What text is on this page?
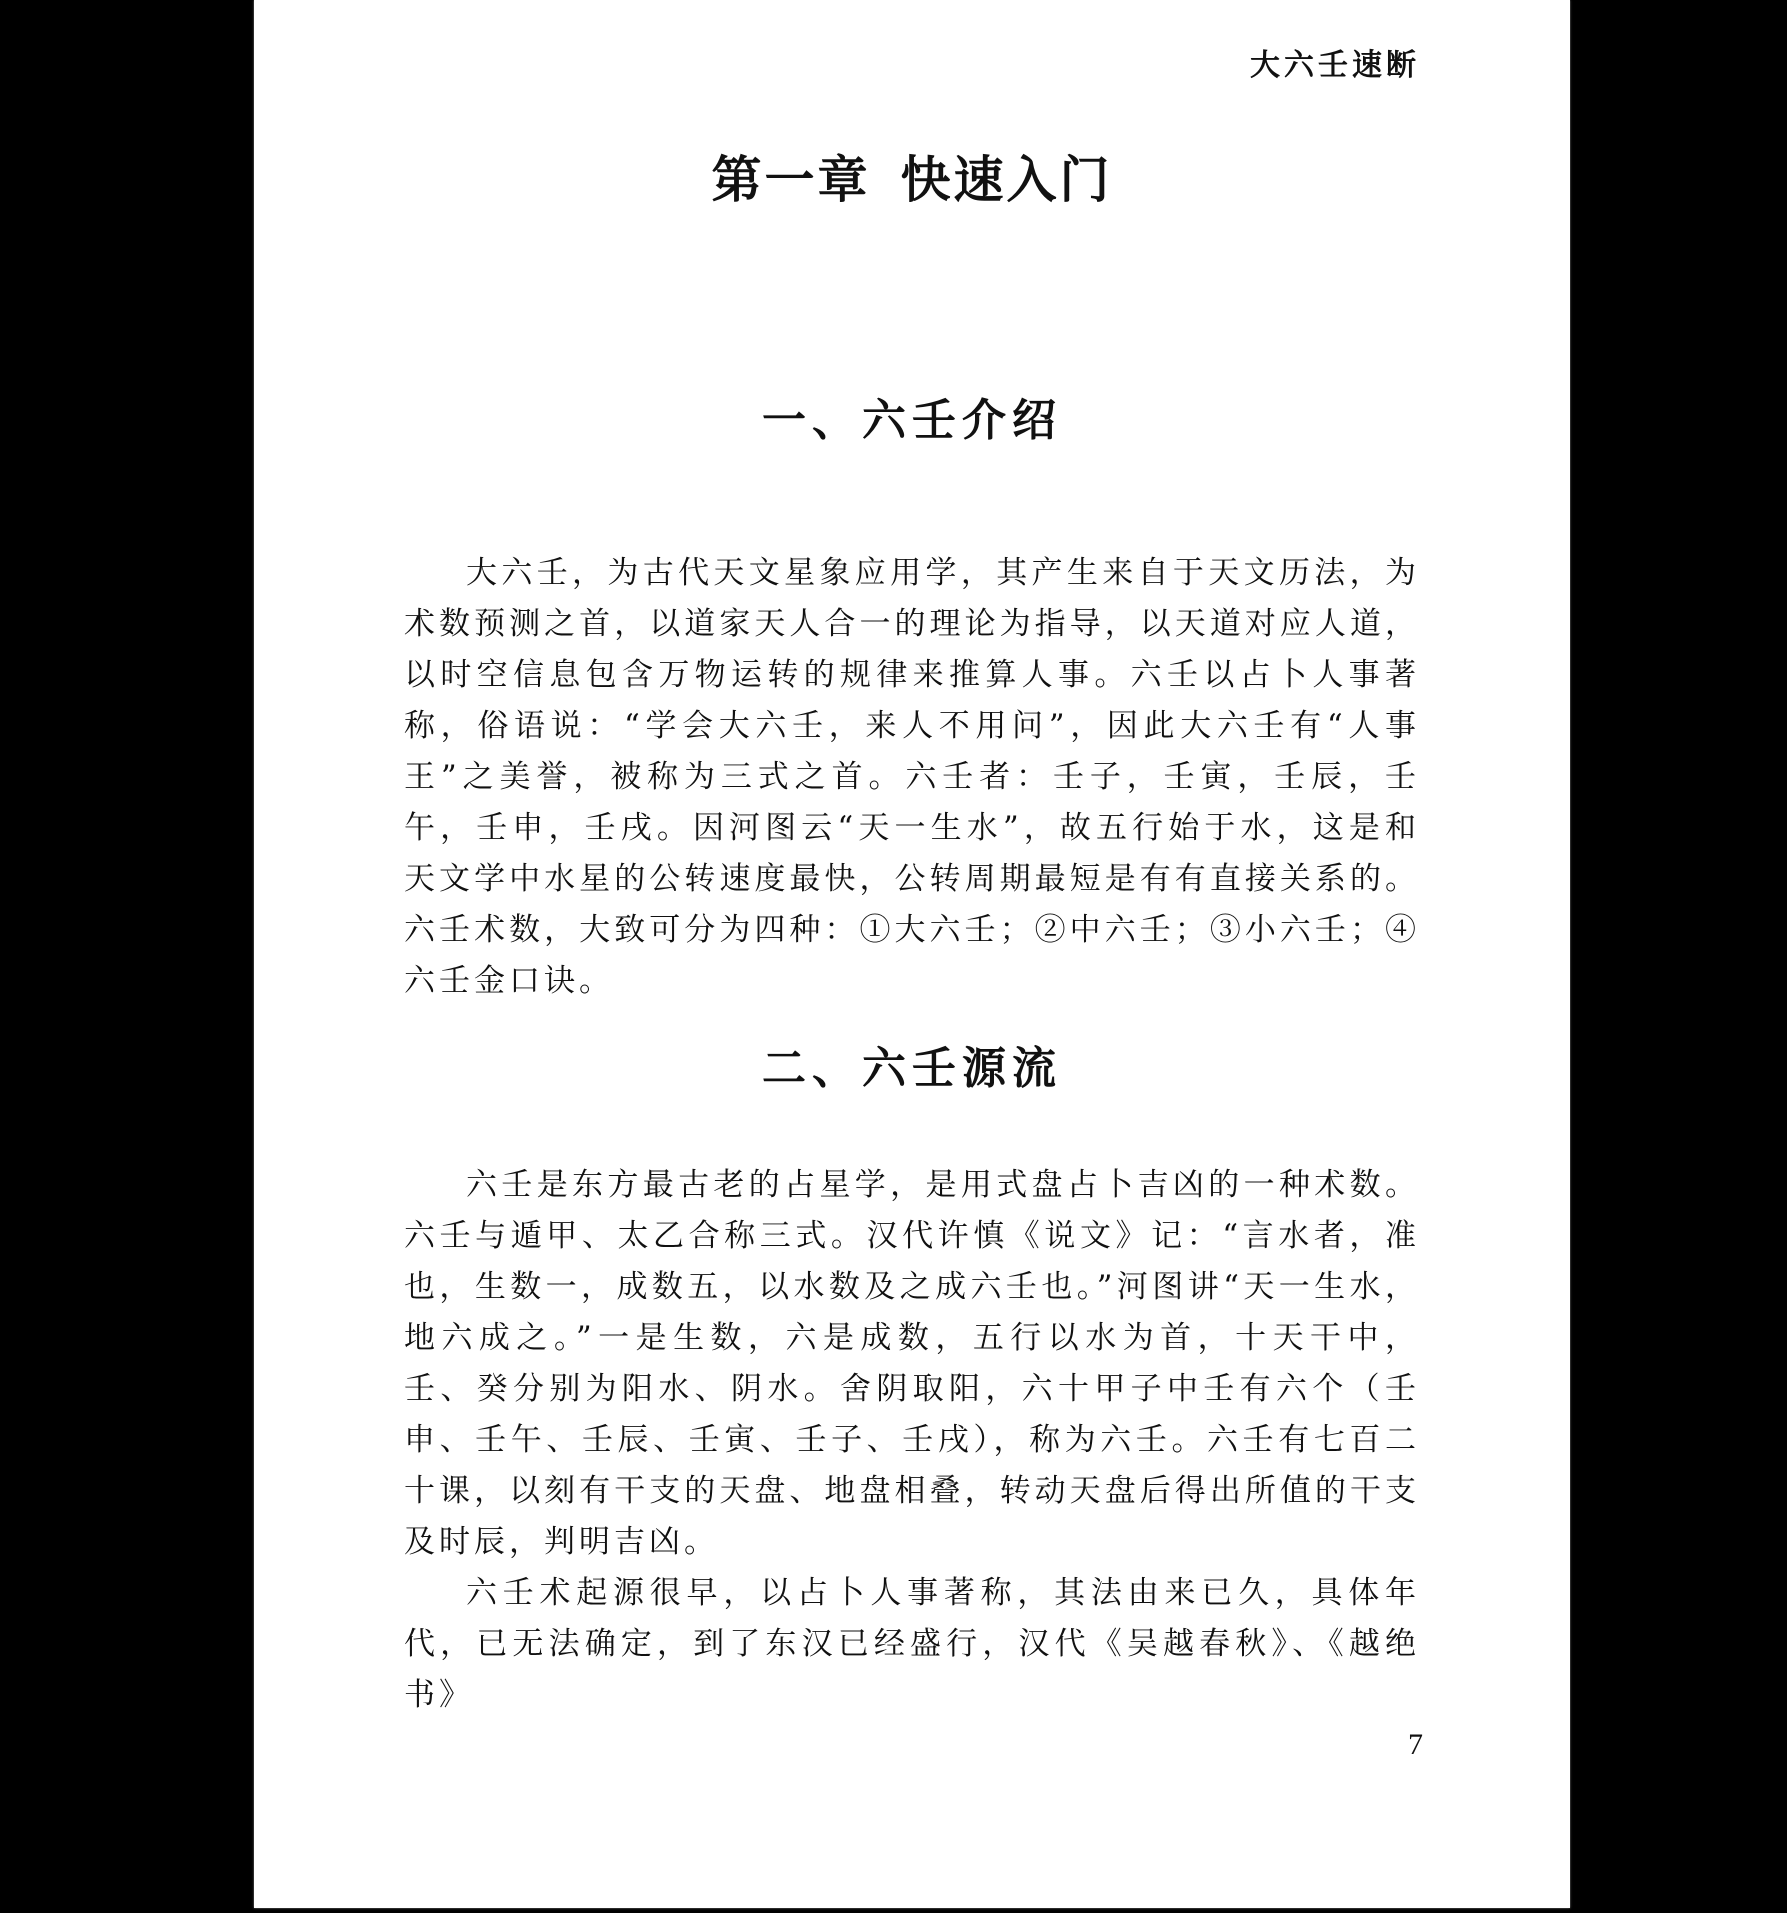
大六壬速断
第一章 快速入门
一、六壬介绍

大六壬，为古代天文星象应用学，其产生来自于天文历法，为术数预测之首，以道家天人合一的理论为指导，以天道对应人道，以时空信息包含万物运转的规律来推算人事。六壬以占卜人事著称，俗语说：“学会大六壬，来人不用问”，因此大六壬有“人事王”之美誉，被称为三式之首。六壬者：壬子，壬寅，壬辰，壬午，壬申，壬戌。因河图云“天一生水”，故五行始于水，这是和天文学中水星的公转速度最快，公转周期最短是有有直接关系的。六壬术数，大致可分为四种：①大六壬；②中六壬；③小六壬；④六壬金口诀。

二、六壬源流

六壬是东方最古老的占星学，是用式盘占卜吉凶的一种术数。六壬与遁甲、太乙合称三式。汉代许慎《说文》记：“言水者，准也，生数一，成数五，以水数及之成六壬也。”河图讲“天一生水，地六成之。”一是生数，六是成数，五行以水为首，十天干中，壬、癸分别为阳水、阴水。舍阴取阳，六十甲子中壬有六个（壬申、壬午、壬辰、壬寅、壬子、壬戌），称为六壬。六壬有七百二十课，以刻有干支的天盘、地盘相叠，转动天盘后得出所值的干支及时辰，判明吉凶。

六壬术起源很早，以占卜人事著称，其法由来已久，具体年代，已无法确定，到了东汉已经盛行，汉代《吴越春秋》、《越绝书》

7
